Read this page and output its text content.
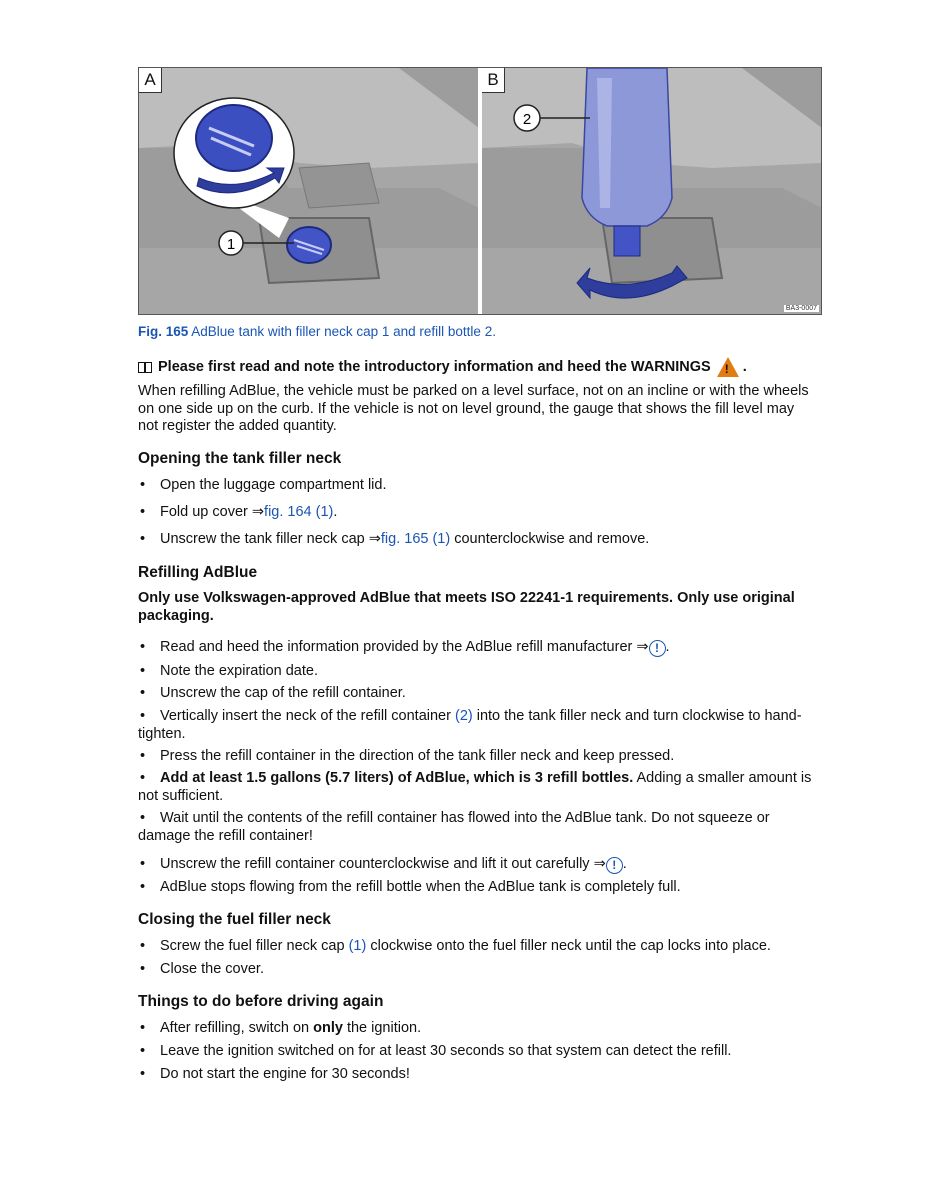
1
A
2
B
BA3-0007
Fig. 165 AdBlue tank with filler neck cap 1 and refill bottle 2.
Please first read and note the introductory information and heed the WARNINGS ! .
When refilling AdBlue, the vehicle must be parked on a level surface, not on an incline or with the wheels on one side up on the curb. If the vehicle is not on level ground, the gauge that shows the fill level may not register the added quantity.
Opening the tank filler neck
• Open the luggage compartment lid.
• Fold up cover ⇒fig. 164 (1).
• Unscrew the tank filler neck cap ⇒fig. 165 (1) counterclockwise and remove.
Refilling AdBlue
Only use Volkswagen-approved AdBlue that meets ISO 22241-1 requirements. Only use original packaging.
• Read and heed the information provided by the AdBlue refill manufacturer ⇒ ! .
• Note the expiration date.
• Unscrew the cap of the refill container.
• Vertically insert the neck of the refill container (2) into the tank filler neck and turn clockwise to hand-tighten.
• Press the refill container in the direction of the tank filler neck and keep pressed.
• Add at least 1.5 gallons (5.7 liters) of AdBlue, which is 3 refill bottles. Adding a smaller amount is not sufficient.
• Wait until the contents of the refill container has flowed into the AdBlue tank. Do not squeeze or damage the refill container!
• Unscrew the refill container counterclockwise and lift it out carefully ⇒ ! .
• AdBlue stops flowing from the refill bottle when the AdBlue tank is completely full.
Closing the fuel filler neck
• Screw the fuel filler neck cap (1) clockwise onto the fuel filler neck until the cap locks into place.
• Close the cover.
Things to do before driving again
• After refilling, switch on only the ignition.
• Leave the ignition switched on for at least 30 seconds so that system can detect the refill.
• Do not start the engine for 30 seconds!
